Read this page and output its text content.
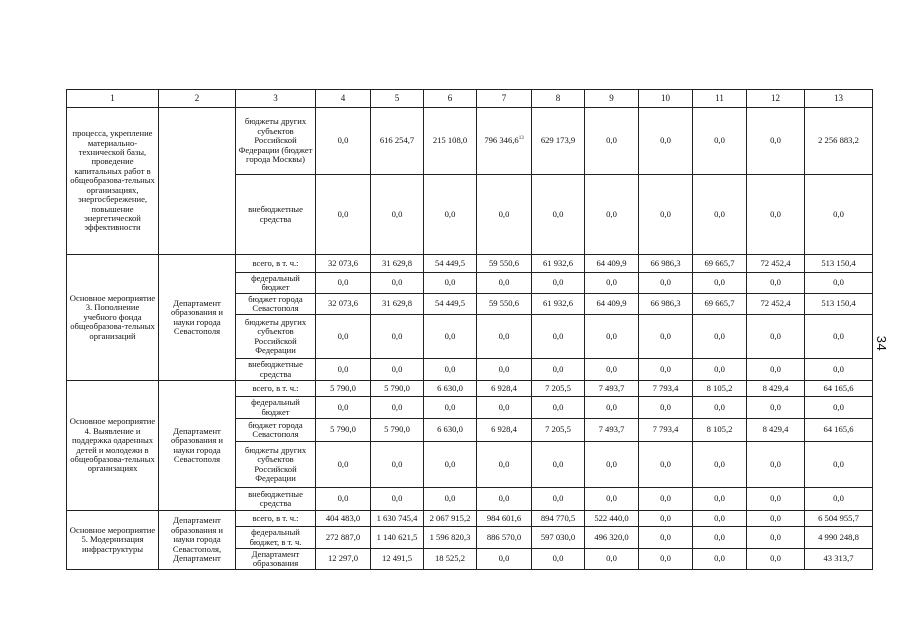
1	2	3	4	5	6	7	8	9	10	11	12	13
процесса, укрепление материально-технической базы, проведение капитальных работ в общеобразова-тельных организациях, энергосбережение, повышение энергетической эффективности		бюджеты других субъектов Российской Федерации (бюджет города Москвы)	0,0	616 254,7	215 108,0	796 346,6$^{13}$	629 173,9	0,0	0,0	0,0	0,0	2 256 883,2
		внебюджетные средства	0,0	0,0	0,0	0,0	0,0	0,0	0,0	0,0	0,0	0,0
Основное мероприятие 3. Пополнение учебного фонда общеобразова-тельных организаций	Департамент образования и науки города Севастополя	всего, в т. ч.:	32 073,6	31 629,8	54 449,5	59 550,6	61 932,6	64 409,9	66 986,3	69 665,7	72 452,4	513 150,4
		федеральный бюджет	0,0	0,0	0,0	0,0	0,0	0,0	0,0	0,0	0,0	0,0
		бюджет города Севастополя	32 073,6	31 629,8	54 449,5	59 550,6	61 932,6	64 409,9	66 986,3	69 665,7	72 452,4	513 150,4
		бюджеты других субъектов Российской Федерации	0,0	0,0	0,0	0,0	0,0	0,0	0,0	0,0	0,0	0,0
		внебюджетные средства	0,0	0,0	0,0	0,0	0,0	0,0	0,0	0,0	0,0	0,0
Основное мероприятие 4. Выявление и поддержка одаренных детей и молодежи в общеобразова-тельных организациях	Департамент образования и науки города Севастополя	всего, в т. ч.:	5 790,0	5 790,0	6 630,0	6 928,4	7 205,5	7 493,7	7 793,4	8 105,2	8 429,4	64 165,6
		федеральный бюджет	0,0	0,0	0,0	0,0	0,0	0,0	0,0	0,0	0,0	0,0
		бюджет города Севастополя	5 790,0	5 790,0	6 630,0	6 928,4	7 205,5	7 493,7	7 793,4	8 105,2	8 429,4	64 165,6
		бюджеты других субъектов Российской Федерации	0,0	0,0	0,0	0,0	0,0	0,0	0,0	0,0	0,0	0,0
		внебюджетные средства	0,0	0,0	0,0	0,0	0,0	0,0	0,0	0,0	0,0	0,0
Основное мероприятие 5. Модернизация инфраструктуры	Департамент образования и науки города Севастополя, Департамент	всего, в т. ч.:	404 483,0	1 630 745,4	2 067 915,2	984 601,6	894 770,5	522 440,0	0,0	0,0	0,0	6 504 955,7
		федеральный бюджет, в т. ч.	272 887,0	1 140 621,5	1 596 820,3	886 570,0	597 030,0	496 320,0	0,0	0,0	0,0	4 990 248,8
		Департамент образования	12 297,0	12 491,5	18 525,2	0,0	0,0	0,0	0,0	0,0	0,0	43 313,7
34
